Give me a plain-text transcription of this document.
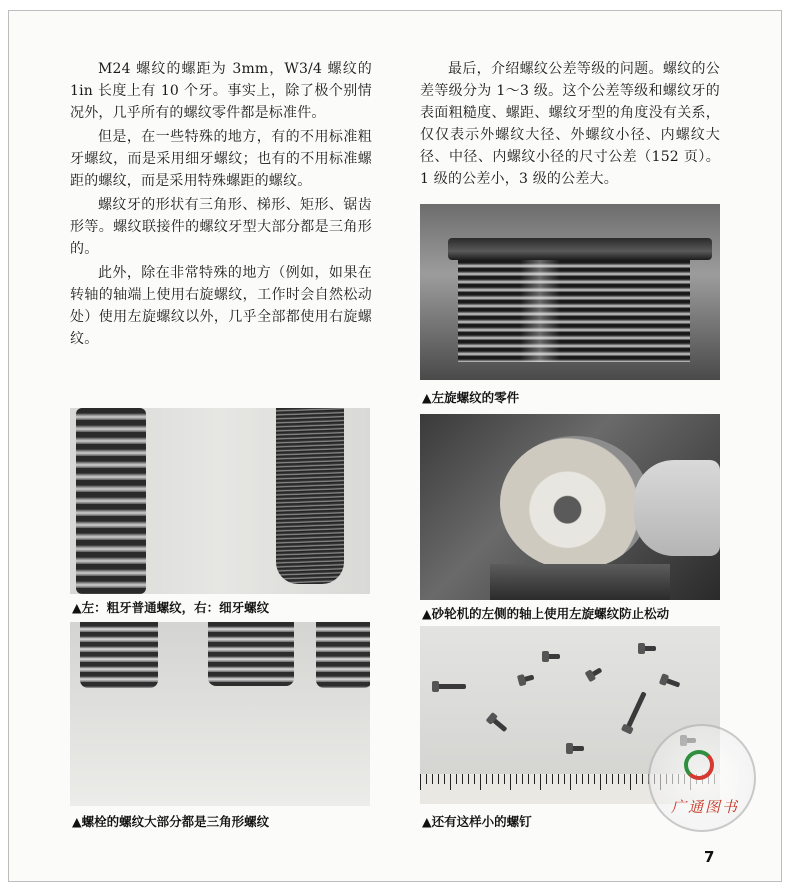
M24 螺纹的螺距为 3mm，W3/4 螺纹的 1in 长度上有 10 个牙。事实上，除了极个别情况外，几乎所有的螺纹零件都是标准件。

但是，在一些特殊的地方，有的不用标准粗牙螺纹，而是采用细牙螺纹；也有的不用标准螺距的螺纹，而是采用特殊螺距的螺纹。

螺纹牙的形状有三角形、梯形、矩形、锯齿形等。螺纹联接件的螺纹牙型大部分都是三角形的。

此外，除在非常特殊的地方（例如，如果在转轴的轴端上使用右旋螺纹，工作时会自然松动处）使用左旋螺纹以外，几乎全部都使用右旋螺纹。

最后，介绍螺纹公差等级的问题。螺纹的公差等级分为 1～3 级。这个公差等级和螺纹牙的表面粗糙度、螺距、螺纹牙型的角度没有关系，仅仅表示外螺纹大径、外螺纹小径、内螺纹大径、中径、内螺纹小径的尺寸公差（152 页）。1 级的公差小，3 级的公差大。

▲左：粗牙普通螺纹，右：细牙螺纹
▲螺栓的螺纹大部分都是三角形螺纹
▲左旋螺纹的零件
▲砂轮机的左侧的轴上使用左旋螺纹防止松动
▲还有这样小的螺钉
广通图书
7
